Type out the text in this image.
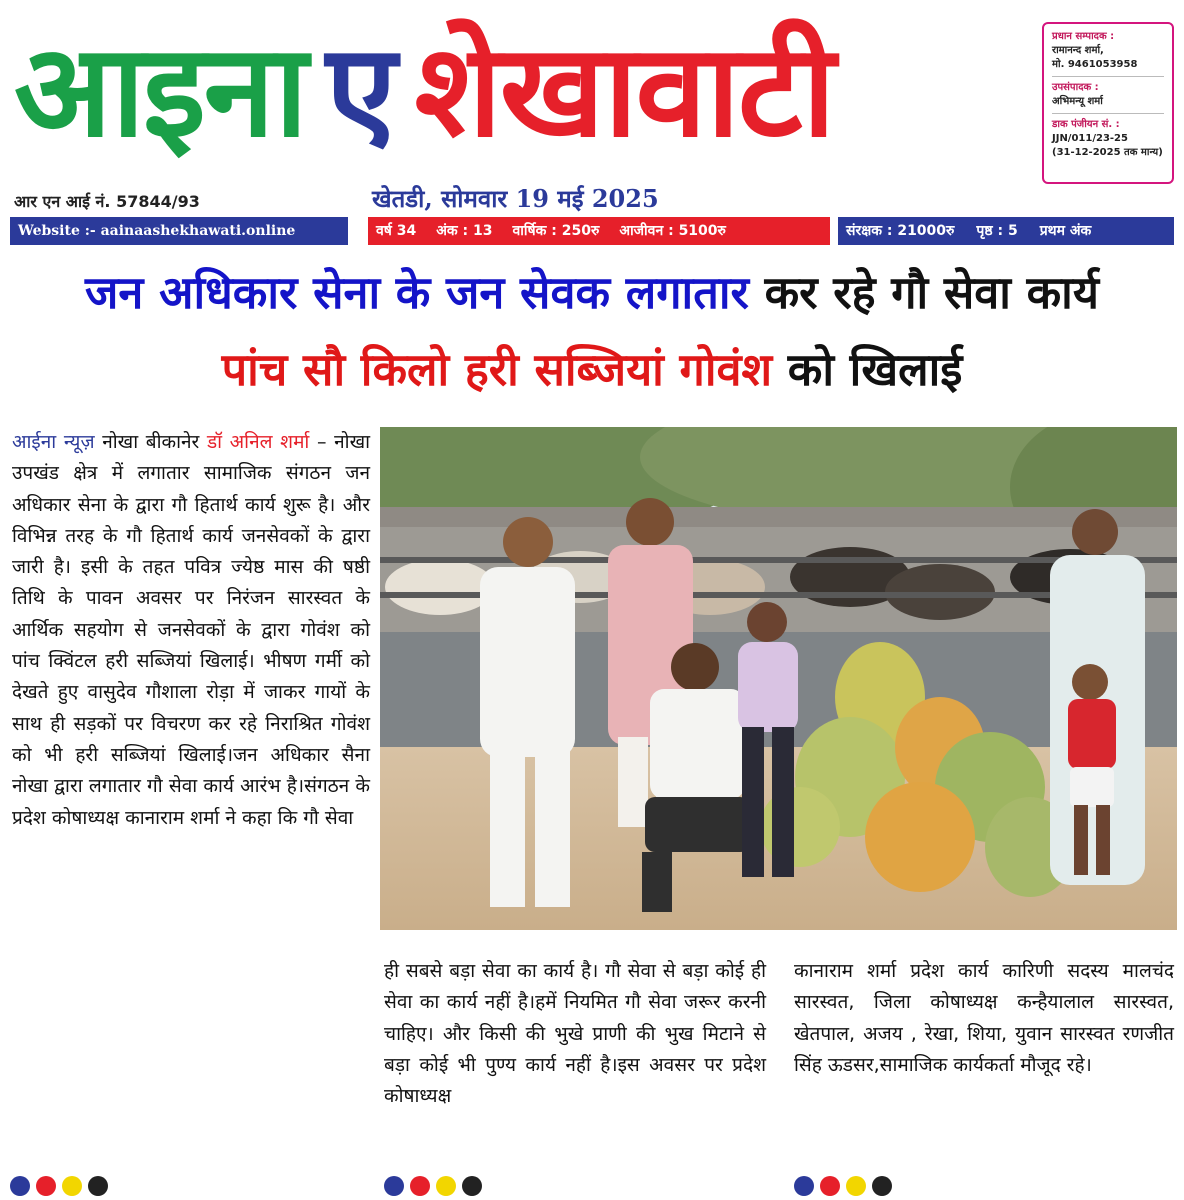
आइना ए शेखावाटी	प्रधान सम्पादक :
रामानन्द शर्मा,
मो. 9461053958
उपसंपादक :
अभिमन्यू शर्मा
डाक पंजीयन सं. :
JJN/011/23-25
(31-12-2025 तक मान्य)
आर एन आई नं. 57844/93	खेतडी, सोमवार 19 मई 2025
Website :- aainaashekhawati.online	वर्ष 34 अंक : 13 वार्षिक : 250रु आजीवन : 5100रु	संरक्षक : 21000रु पृष्ठ : 5 प्रथम अंक
जन अधिकार सेना के जन सेवक लगातार कर रहे गौ सेवा कार्य
पांच सौ किलो हरी सब्जियां गोवंश को खिलाई
आईना न्यूज़ नोखा बीकानेर डॉ अनिल शर्मा – नोखा उपखंड क्षेत्र में लगातार सामाजिक संगठन जन अधिकार सेना के द्वारा गौ हितार्थ कार्य शुरू है। और विभिन्न तरह के गौ हितार्थ कार्य जनसेवकों के द्वारा जारी है। इसी के तहत पवित्र ज्येष्ठ मास की षष्ठी तिथि के पावन अवसर पर निरंजन सारस्वत के आर्थिक सहयोग से जनसेवकों के द्वारा गोवंश को पांच क्विंटल हरी सब्जियां खिलाई। भीषण गर्मी को देखते हुए वासुदेव गौशाला रोड़ा में जाकर गायों के साथ ही सड़कों पर विचरण कर रहे निराश्रित गोवंश को भी हरी सब्जियां खिलाई।जन अधिकार सैना नोखा द्वारा लगातार गौ सेवा कार्य आरंभ है।संगठन के प्रदेश कोषाध्यक्ष कानाराम शर्मा ने कहा कि गौ सेवा
ही सबसे बड़ा सेवा का कार्य है। गौ सेवा से बड़ा कोई ही सेवा का कार्य नहीं है।हमें नियमित गौ सेवा जरूर करनी चाहिए। और किसी की भुखे प्राणी की भुख मिटाने से बड़ा कोई भी पुण्य कार्य नहीं है।इस अवसर पर प्रदेश कोषाध्यक्ष
कानाराम शर्मा प्रदेश कार्य कारिणी सदस्य मालचंद सारस्वत, जिला कोषाध्यक्ष कन्हैयालाल सारस्वत, खेतपाल, अजय , रेखा, शिया, युवान सारस्वत रणजीत सिंह ऊडसर,सामाजिक कार्यकर्ता मौजूद रहे।
